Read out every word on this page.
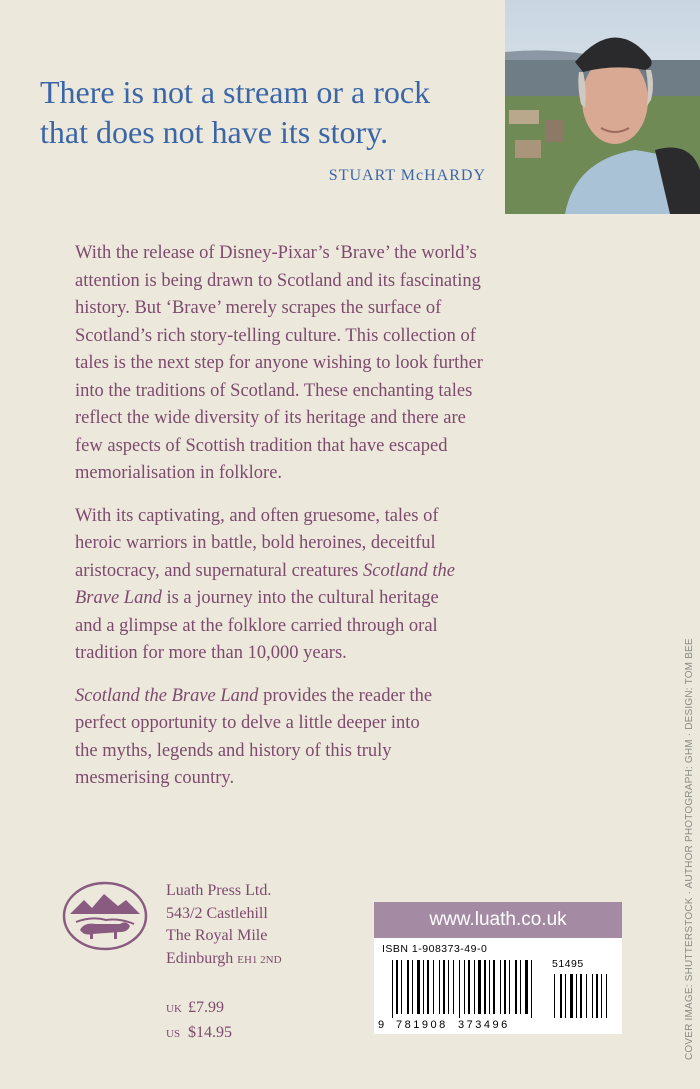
There is not a stream or a rock
that does not have its story.
STUART McHARDY

With the release of Disney-Pixar’s ‘Brave’ the world’s
attention is being drawn to Scotland and its fascinating
history. But ‘Brave’ merely scrapes the surface of
Scotland’s rich story-telling culture. This collection of
tales is the next step for anyone wishing to look further
into the traditions of Scotland. These enchanting tales
reflect the wide diversity of its heritage and there are
few aspects of Scottish tradition that have escaped
memorialisation in folklore.

With its captivating, and often gruesome, tales of
heroic warriors in battle, bold heroines, deceitful
aristocracy, and supernatural creatures Scotland the
Brave Land is a journey into the cultural heritage
and a glimpse at the folklore carried through oral
tradition for more than 10,000 years.

Scotland the Brave Land provides the reader the
perfect opportunity to delve a little deeper into
the myths, legends and history of this truly
mesmerising country.	COVER IMAGE: SHUTTERSTOCK · AUTHOR PHOTOGRAPH: GHM · DESIGN: TOM BEE
Luath Press Ltd.
543/2 Castlehill
The Royal Mile
Edinburgh EH1 2ND
UK £7.99
US $14.95
www.luath.co.uk
ISBN 1-908373-49-0
51495
9 781908 373496
